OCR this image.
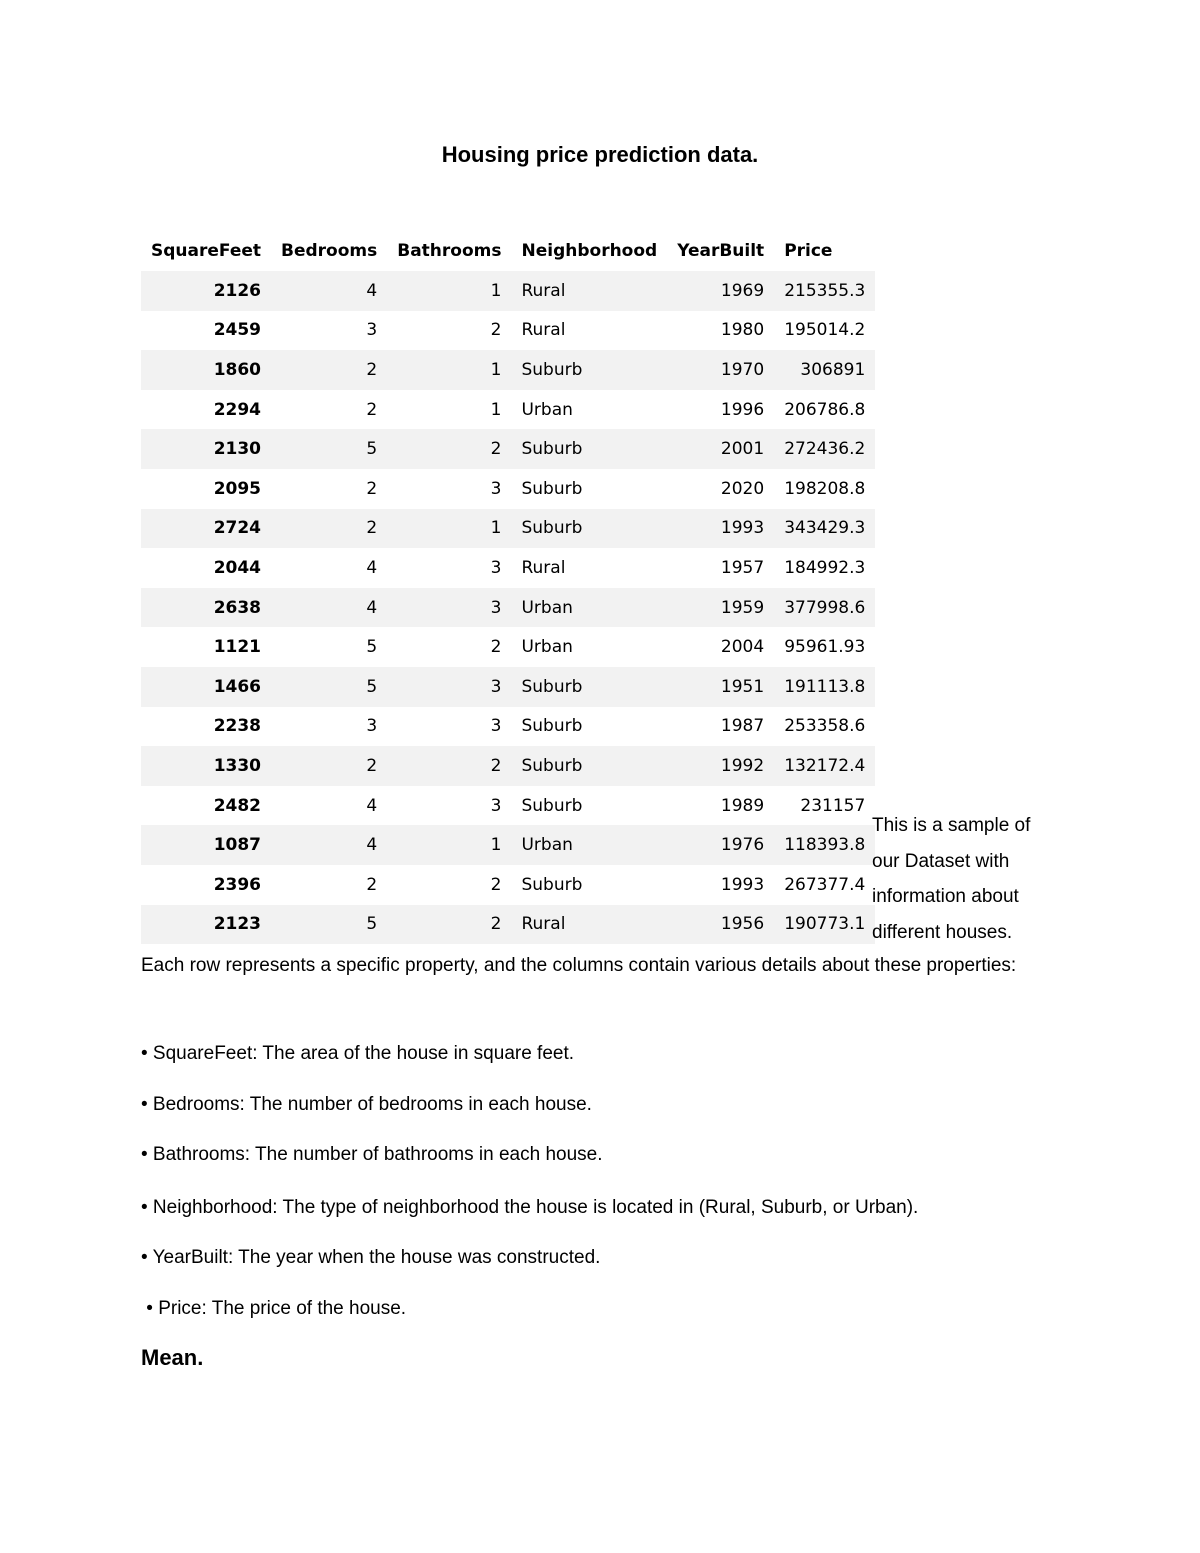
Housing price prediction data.
SquareFeet	Bedrooms	Bathrooms	Neighborhood	YearBuilt	Price
2126	4	1	Rural	1969	215355.3
2459	3	2	Rural	1980	195014.2
1860	2	1	Suburb	1970	306891
2294	2	1	Urban	1996	206786.8
2130	5	2	Suburb	2001	272436.2
2095	2	3	Suburb	2020	198208.8
2724	2	1	Suburb	1993	343429.3
2044	4	3	Rural	1957	184992.3
2638	4	3	Urban	1959	377998.6
1121	5	2	Urban	2004	95961.93
1466	5	3	Suburb	1951	191113.8
2238	3	3	Suburb	1987	253358.6
1330	2	2	Suburb	1992	132172.4
2482	4	3	Suburb	1989	231157
1087	4	1	Urban	1976	118393.8
2396	2	2	Suburb	1993	267377.4
2123	5	2	Rural	1956	190773.1
This is a sample of our Dataset with information about different houses.
Each row represents a specific property, and the columns contain various details about these properties:
• SquareFeet: The area of the house in square feet.
• Bedrooms: The number of bedrooms in each house.
• Bathrooms: The number of bathrooms in each house.
• Neighborhood: The type of neighborhood the house is located in (Rural, Suburb, or Urban).
• YearBuilt: The year when the house was constructed.
• Price: The price of the house.
Mean.
